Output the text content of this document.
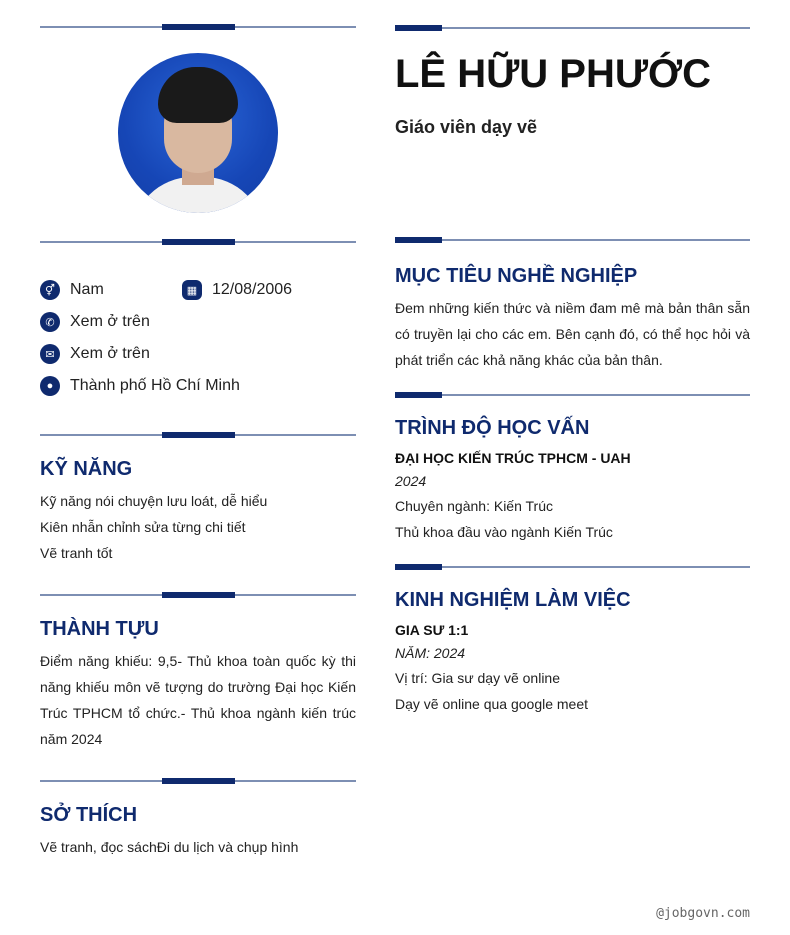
⚥ Nam	▦ 12/08/2006
✆ Xem ở trên
✉ Xem ở trên
●	Thành phố Hồ Chí Minh
KỸ NĂNG
Kỹ năng nói chuyện lưu loát, dễ hiểu
Kiên nhẫn chỉnh sửa từng chi tiết
Vẽ tranh tốt
THÀNH TỰU
Điểm năng khiếu: 9,5- Thủ khoa toàn quốc kỳ thi năng khiếu môn vẽ tượng do trường Đại học Kiến Trúc TPHCM tổ chức.- Thủ khoa ngành kiến trúc năm 2024
SỞ THÍCH
Vẽ tranh, đọc sáchĐi du lịch và chụp hình
LÊ HỮU PHƯỚC
Giáo viên dạy vẽ
MỤC TIÊU NGHỀ NGHIỆP
Đem những kiến thức và niềm đam mê mà bản thân sẵn có truyền lại cho các em. Bên cạnh đó, có thể học hỏi và phát triển các khả năng khác của bản thân.
TRÌNH ĐỘ HỌC VẤN
ĐẠI HỌC KIẾN TRÚC TPHCM - UAH
2024
Chuyên ngành: Kiến Trúc
Thủ khoa đầu vào ngành Kiến Trúc
KINH NGHIỆM LÀM VIỆC
GIA SƯ 1:1
NĂM: 2024
Vị trí: Gia sư dạy vẽ online
Dạy vẽ online qua google meet
@jobgovn.com
